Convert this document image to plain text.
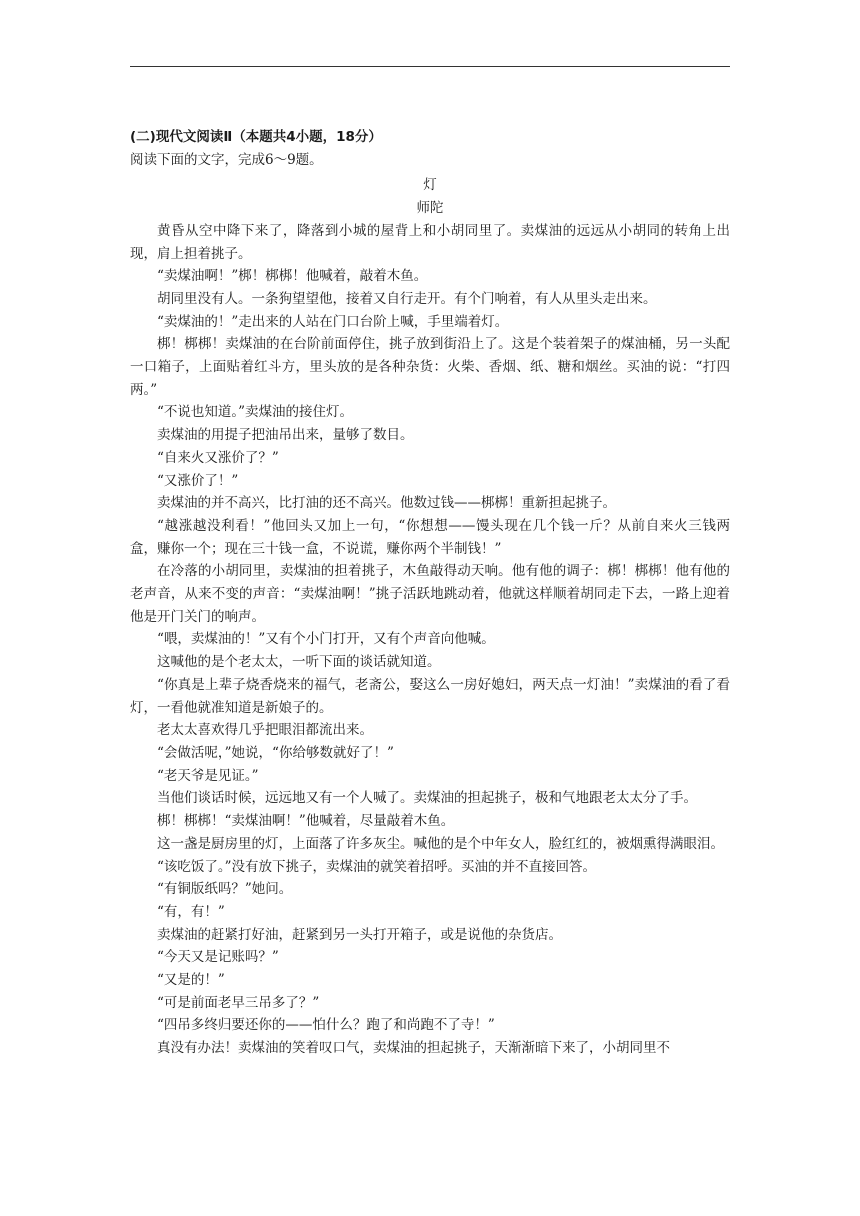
(二)现代文阅读Ⅱ（本题共4小题，18分）
阅读下面的文字，完成6～9题。
灯
师陀

黄昏从空中降下来了，降落到小城的屋背上和小胡同里了。卖煤油的远远从小胡同的转角上出现，肩上担着挑子。

“卖煤油啊！”梆！梆梆！他喊着，敲着木鱼。

胡同里没有人。一条狗望望他，接着又自行走开。有个门响着，有人从里头走出来。

“卖煤油的！”走出来的人站在门口台阶上喊，手里端着灯。

梆！梆梆！卖煤油的在台阶前面停住，挑子放到街沿上了。这是个装着架子的煤油桶，另一头配一口箱子，上面贴着红斗方，里头放的是各种杂货：火柴、香烟、纸、糖和烟丝。买油的说：“打四两。”

“不说也知道。”卖煤油的接住灯。

卖煤油的用提子把油吊出来，量够了数目。

“自来火又涨价了？”

“又涨价了！”

卖煤油的并不高兴，比打油的还不高兴。他数过钱——梆梆！重新担起挑子。

“越涨越没利看！”他回头又加上一句，“你想想——馒头现在几个钱一斤？从前自来火三钱两盒，赚你一个；现在三十钱一盒，不说谎，赚你两个半制钱！”

在冷落的小胡同里，卖煤油的担着挑子，木鱼敲得动天响。他有他的调子：梆！梆梆！他有他的老声音，从来不变的声音：“卖煤油啊！”挑子活跃地跳动着，他就这样顺着胡同走下去，一路上迎着他是开门关门的响声。

“喂，卖煤油的！”又有个小门打开，又有个声音向他喊。

这喊他的是个老太太，一听下面的谈话就知道。

“你真是上辈子烧香烧来的福气，老斋公，娶这么一房好媳妇，两天点一灯油！”卖煤油的看了看灯，一看他就准知道是新娘子的。

老太太喜欢得几乎把眼泪都流出来。

“会做活呢，”她说，“你给够数就好了！”

“老天爷是见证。”

当他们谈话时候，远远地又有一个人喊了。卖煤油的担起挑子，极和气地跟老太太分了手。

梆！梆梆！“卖煤油啊！”他喊着，尽量敲着木鱼。

这一盏是厨房里的灯，上面落了许多灰尘。喊他的是个中年女人，脸红红的，被烟熏得满眼泪。

“该吃饭了。”没有放下挑子，卖煤油的就笑着招呼。买油的并不直接回答。

“有铜版纸吗？”她问。

“有，有！”

卖煤油的赶紧打好油，赶紧到另一头打开箱子，或是说他的杂货店。

“今天又是记账吗？”

“又是的！”

“可是前面老早三吊多了？”

“四吊多终归要还你的——怕什么？跑了和尚跑不了寺！”

真没有办法！卖煤油的笑着叹口气，卖煤油的担起挑子，天渐渐暗下来了，小胡同里不
